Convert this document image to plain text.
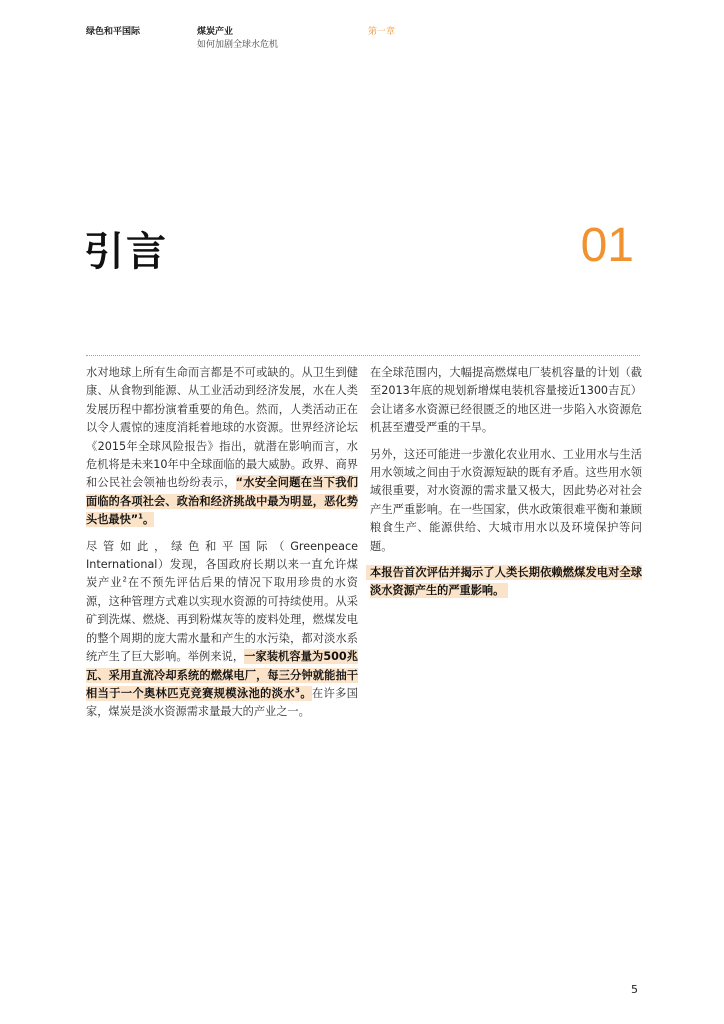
绿色和平国际	煤炭产业
如何加剧全球水危机
第一章
引言	01

水对地球上所有生命而言都是不可或缺的。从卫生到健康、从食物到能源、从工业活动到经济发展，水在人类发展历程中都扮演着重要的角色。然而，人类活动正在以令人震惊的速度消耗着地球的水资源。世界经济论坛《2015年全球风险报告》指出，就潜在影响而言，水危机将是未来10年中全球面临的最大威胁。政界、商界和公民社会领袖也纷纷表示，“水安全问题在当下我们面临的各项社会、政治和经济挑战中最为明显，恶化势头也最快”$^1$。

尽管如此，绿色和平国际（Greenpeace International）发现，各国政府长期以来一直允许煤炭产业$^2$在不预先评估后果的情况下取用珍贵的水资源，这种管理方式难以实现水资源的可持续使用。从采矿到洗煤、燃烧、再到粉煤灰等的废料处理，燃煤发电的整个周期的庞大需水量和产生的水污染，都对淡水系统产生了巨大影响。举例来说，一家装机容量为500兆瓦、采用直流冷却系统的燃煤电厂，每三分钟就能抽干相当于一个奥林匹克竞赛规模泳池的淡水$^3$。在许多国家，煤炭是淡水资源需求量最大的产业之一。

在全球范围内，大幅提高燃煤电厂装机容量的计划（截至2013年底的规划新增煤电装机容量接近1300吉瓦）会让诸多水资源已经很匮乏的地区进一步陷入水资源危机甚至遭受严重的干旱。

另外，这还可能进一步激化农业用水、工业用水与生活用水领域之间由于水资源短缺的既有矛盾。这些用水领域很重要，对水资源的需求量又极大，因此势必对社会产生严重影响。在一些国家，供水政策很难平衡和兼顾粮食生产、能源供给、大城市用水以及环境保护等问题。

本报告首次评估并揭示了人类长期依赖燃煤发电对全球淡水资源产生的严重影响。

5
